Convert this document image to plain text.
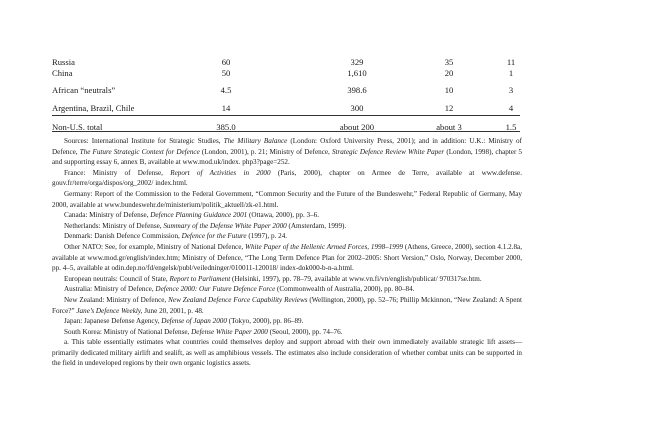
Russia	60	329	35	11
China	50	1,610	20	1
African “neutrals”	4.5	398.6	10	3
Argentina, Brazil, Chile	14	300	12	4
Non-U.S. total	385.0	about 200	about 3	1.5

Sources: International Institute for Strategic Studies, The Military Balance (London: Oxford University Press, 2001); and in addition: U.K.: Ministry of Defence, The Future Strategic Context for Defence (London, 2001), p. 21; Ministry of Defence, Strategic Defence Review White Paper (London, 1998), chapter 5 and supporting essay 6, annex B, available at www.mod.uk/index. php3?page=252.

France: Ministry of Defense, Report of Activities in 2000 (Paris, 2000), chapter on Armee de Terre, available at www.defense. gouv.fr/terre/orga/dispos/org_2002/ index.html.

Germany: Report of the Commission to the Federal Government, “Common Security and the Future of the Bundeswehr,” Federal Republic of Germany, May 2000, available at www.bundeswehr.de/ministerium/politik_aktuell/zk-e1.html.

Canada: Ministry of Defense, Defence Planning Guidance 2001 (Ottawa, 2000), pp. 3–6.

Netherlands: Ministry of Defense, Summary of the Defense White Paper 2000 (Amsterdam, 1999).

Denmark: Danish Defence Commission, Defence for the Future (1997), p. 24.

Other NATO: See, for example, Ministry of National Defence, White Paper of the Hellenic Armed Forces, 1998–1999 (Athens, Greece, 2000), section 4.1.2.8a, available at www.mod.gr/english/index.htm; Ministry of Defence, “The Long Term Defence Plan for 2002–2005: Short Version,” Oslo, Norway, December 2000, pp. 4–5, available at odin.dep.no/fd/engelsk/publ/veiledninger/010011-120018/ index-dok000-b-n-a.html.

European neutrals: Council of State, Report to Parliament (Helsinki, 1997), pp. 78–79, available at www.vn.fi/vn/english/publicat/ 970317se.htm.

Australia: Ministry of Defence, Defence 2000: Our Future Defence Force (Commonwealth of Australia, 2000), pp. 80–84.

New Zealand: Ministry of Defence, New Zealand Defence Force Capability Reviews (Wellington, 2000), pp. 52–76; Phillip Mckinnon, “New Zealand: A Spent Force?” Jane’s Defence Weekly, June 20, 2001, p. 48.

Japan: Japanese Defense Agency, Defense of Japan 2000 (Tokyo, 2000), pp. 86–89.

South Korea: Ministry of National Defense, Defense White Paper 2000 (Seoul, 2000), pp. 74–76.

a. This table essentially estimates what countries could themselves deploy and support abroad with their own immediately available strategic lift assets—primarily dedicated military airlift and sealift, as well as amphibious vessels. The estimates also include consideration of whether combat units can be supported in the field in undeveloped regions by their own organic logistics assets.
